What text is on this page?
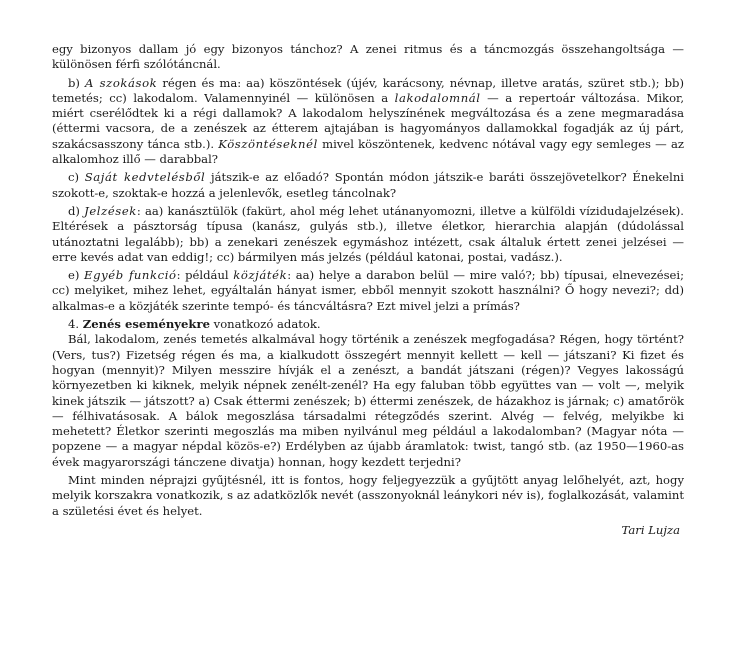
egy bizonyos dallam jó egy bizonyos tánchoz? A zenei ritmus és a táncmozgás összehangoltsága — különösen férfi szólótáncnál.

b) A szokások régen és ma: aa) köszöntések (újév, karácsony, névnap, illetve aratás, szüret stb.); bb) temetés; cc) lakodalom. Valamennyinél — különösen a lakodalomnál — a repertoár változása. Mikor, miért cserélődtek ki a régi dallamok? A lakodalom helyszínének megváltozása és a zene megmaradása (éttermi vacsora, de a zenészek az étterem ajtajában is hagyományos dallamokkal fogadják az új párt, szakácsasszony tánca stb.). Köszöntéseknél mivel köszöntenek, kedvenc nótával vagy egy semleges — az alkalomhoz illő — darabbal?

c) Saját kedvtelésből játszik-e az előadó? Spontán módon játszik-e baráti összejövetelkor? Énekelni szokott-e, szoktak-e hozzá a jelenlevők, esetleg táncolnak?

d) Jelzések: aa) kanásztülök (fakürt, ahol még lehet utánanyomozni, illetve a külföldi vízidudajelzések). Eltérések a pásztorság típusa (kanász, gulyás stb.), illetve életkor, hierarchia alapján (dúdolással utánoztatni legalább); bb) a zenekari zenészek egymáshoz intézett, csak általuk értett zenei jelzései — erre kevés adat van eddig!; cc) bármilyen más jelzés (például katonai, postai, vadász.).

e) Egyéb funkció: például közjáték: aa) helye a darabon belül — mire való?; bb) típusai, elnevezései; cc) melyiket, mihez lehet, egyáltalán hányat ismer, ebből mennyit szokott használni? Ő hogy nevezi?; dd) alkalmas-e a közjáték szerinte tempó- és táncváltásra? Ezt mivel jelzi a prímás?

4. Zenés eseményekre vonatkozó adatok.

Bál, lakodalom, zenés temetés alkalmával hogy történik a zenészek megfogadása? Régen, hogy történt? (Vers, tus?) Fizetség régen és ma, a kialkudott összegért mennyit kellett — kell — játszani? Ki fizet és hogyan (mennyit)? Milyen messzire hívják el a zenészt, a bandát játszani (régen)? Vegyes lakosságú környezetben ki kiknek, melyik népnek zenélt-zenél? Ha egy faluban több együttes van — volt —, melyik kinek játszik — játszott? a) Csak éttermi zenészek; b) éttermi zenészek, de házakhoz is járnak; c) amatőrök — félhivatásosak. A bálok megoszlása társadalmi rétegződés szerint. Alvég — felvég, melyikbe ki mehetett? Életkor szerinti megoszlás ma miben nyilvánul meg például a lakodalomban? (Magyar nóta — popzene — a magyar népdal közös-e?) Erdélyben az újabb áramlatok: twist, tangó stb. (az 1950—1960-as évek magyarországi tánczene divatja) honnan, hogy kezdett terjedni?

Mint minden néprajzi gyűjtésnél, itt is fontos, hogy feljegyezzük a gyűjtött anyag lelőhelyét, azt, hogy melyik korszakra vonatkozik, s az adatközlők nevét (asszonyoknál leánykori név is), foglalkozását, valamint a születési évet és helyet.

Tari Lujza
